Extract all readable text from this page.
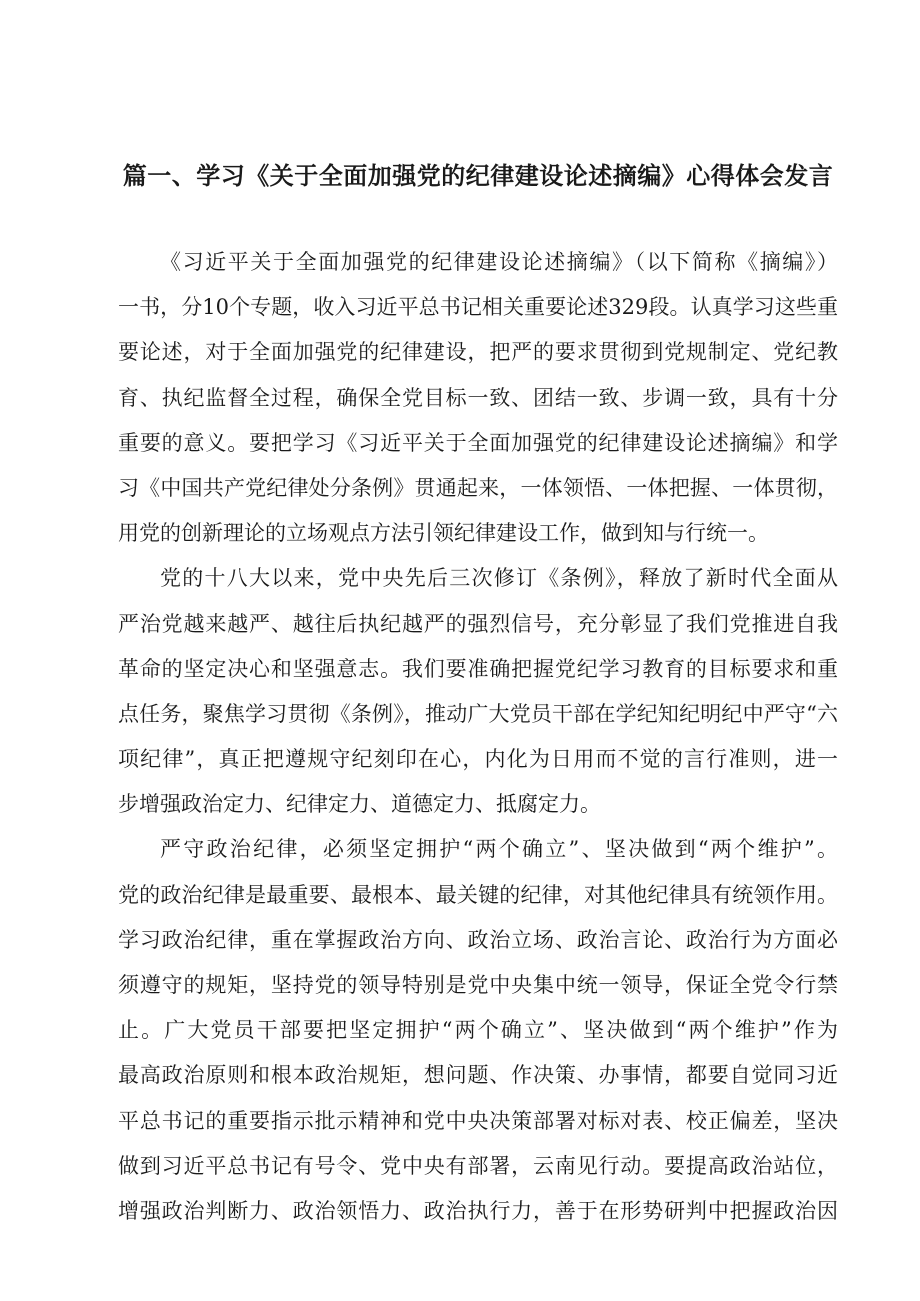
篇一、学习《关于全面加强党的纪律建设论述摘编》心得体会发言
《习近平关于全面加强党的纪律建设论述摘编》（以下简称《摘编》）
一书，分10个专题，收入习近平总书记相关重要论述329段。认真学习这些重
要论述，对于全面加强党的纪律建设，把严的要求贯彻到党规制定、党纪教
育、执纪监督全过程，确保全党目标一致、团结一致、步调一致，具有十分
重要的意义。要把学习《习近平关于全面加强党的纪律建设论述摘编》和学
习《中国共产党纪律处分条例》贯通起来，一体领悟、一体把握、一体贯彻，
用党的创新理论的立场观点方法引领纪律建设工作，做到知与行统一。
党的十八大以来，党中央先后三次修订《条例》，释放了新时代全面从
严治党越来越严、越往后执纪越严的强烈信号，充分彰显了我们党推进自我
革命的坚定决心和坚强意志。我们要准确把握党纪学习教育的目标要求和重
点任务，聚焦学习贯彻《条例》，推动广大党员干部在学纪知纪明纪中严守“六
项纪律”，真正把遵规守纪刻印在心，内化为日用而不觉的言行准则，进一
步增强政治定力、纪律定力、道德定力、抵腐定力。
严守政治纪律，必须坚定拥护“两个确立”、坚决做到“两个维护”。
党的政治纪律是最重要、最根本、最关键的纪律，对其他纪律具有统领作用。
学习政治纪律，重在掌握政治方向、政治立场、政治言论、政治行为方面必
须遵守的规矩，坚持党的领导特别是党中央集中统一领导，保证全党令行禁
止。广大党员干部要把坚定拥护“两个确立”、坚决做到“两个维护”作为
最高政治原则和根本政治规矩，想问题、作决策、办事情，都要自觉同习近
平总书记的重要指示批示精神和党中央决策部署对标对表、校正偏差，坚决
做到习近平总书记有号令、党中央有部署，云南见行动。要提高政治站位，
增强政治判断力、政治领悟力、政治执行力，善于在形势研判中把握政治因
